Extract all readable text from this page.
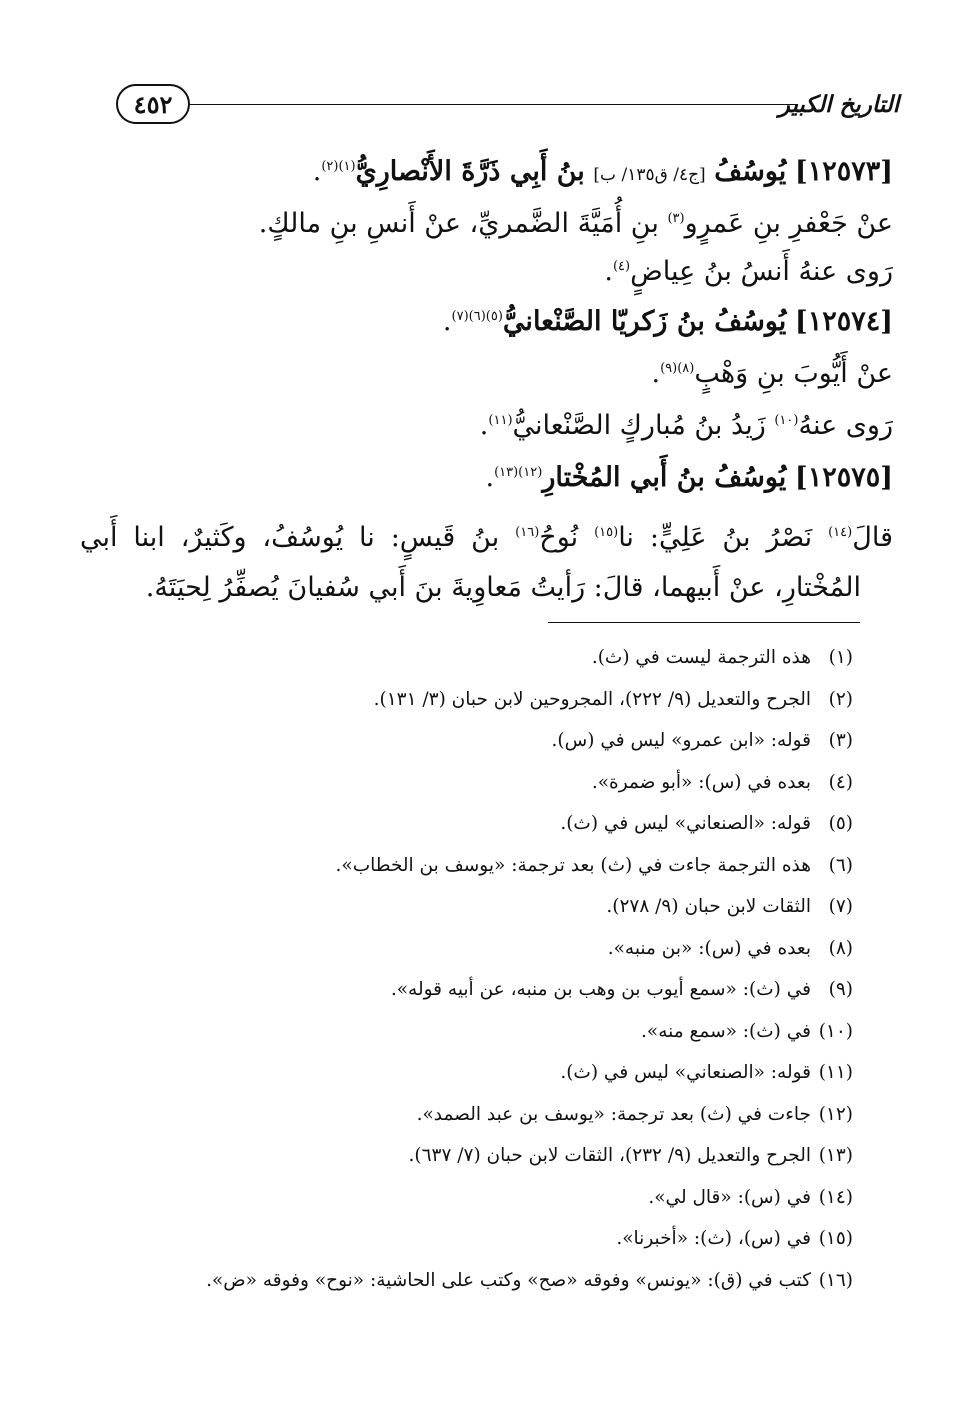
٤٥٢	التاريخ الكبير
[١٢٥٧٣] يُوسُفُ [ج٤/ ق١٣٥/ ب] بنُ أَبِي ذَرَّةَ الأَنْصارِيُّ$^{(١)(٢)}$.
عنْ جَعْفرِ بنِ عَمرٍو$^{(٣)}$ بنِ أُمَيَّةَ الضَّمريِّ، عنْ أَنسِ بنِ مالكٍ.
رَوى عنهُ أَنسُ بنُ عِياضٍ$^{(٤)}$.
[١٢٥٧٤] يُوسُفُ بنُ زَكريّا الصَّنْعانيُّ$^{(٥)(٦)(٧)}$.
عنْ أَيُّوبَ بنِ وَهْبٍ$^{(٨)(٩)}$.
رَوى عنهُ$^{(١٠)}$ زَيدُ بنُ مُباركٍ الصَّنْعانيُّ$^{(١١)}$.
[١٢٥٧٥] يُوسُفُ بنُ أَبي المُخْتارِ$^{(١٢)(١٣)}$.
قالَ$^{(١٤)}$ نَصْرُ بنُ عَلِيٍّ: نا$^{(١٥)}$ نُوحُ$^{(١٦)}$ بنُ قَيسٍ: نا يُوسُفُ، وكَثيرٌ، ابنا أَبي
المُخْتارِ، عنْ أَبيهما، قالَ: رَأيتُ مَعاوِيةَ بنَ أَبي سُفيانَ يُصفِّرُ لِحيَتَهُ.
(١)هذه الترجمة ليست في (ث).
(٢)الجرح والتعديل (٩/ ٢٢٢)، المجروحين لابن حبان (٣/ ١٣١).
(٣)قوله: «ابن عمرو» ليس في (س).
(٤)بعده في (س): «أبو ضمرة».
(٥)قوله: «الصنعاني» ليس في (ث).
(٦)هذه الترجمة جاءت في (ث) بعد ترجمة: «يوسف بن الخطاب».
(٧)الثقات لابن حبان (٩/ ٢٧٨).
(٨)بعده في (س): «بن منبه».
(٩)في (ث): «سمع أيوب بن وهب بن منبه، عن أبيه قوله».
(١٠)في (ث): «سمع منه».
(١١)قوله: «الصنعاني» ليس في (ث).
(١٢)جاءت في (ث) بعد ترجمة: «يوسف بن عبد الصمد».
(١٣)الجرح والتعديل (٩/ ٢٣٢)، الثقات لابن حبان (٧/ ٦٣٧).
(١٤)في (س): «قال لي».
(١٥)في (س)، (ث): «أخبرنا».
(١٦)كتب في (ق): «يونس» وفوقه «صح» وكتب على الحاشية: «نوح» وفوقه «ض».
